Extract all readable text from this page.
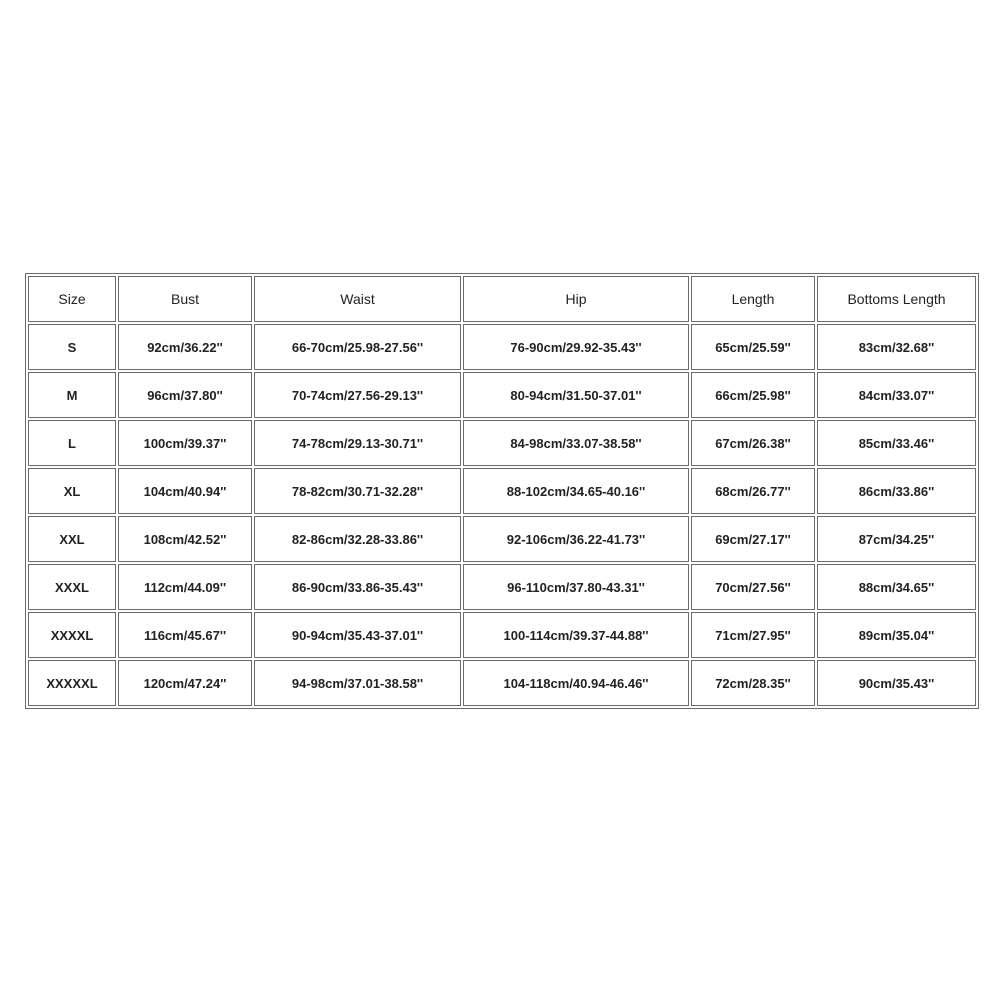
Size	Bust	Waist	Hip	Length	Bottoms Length
S	92cm/36.22''	66-70cm/25.98-27.56''	76-90cm/29.92-35.43''	65cm/25.59''	83cm/32.68''
M	96cm/37.80''	70-74cm/27.56-29.13''	80-94cm/31.50-37.01''	66cm/25.98''	84cm/33.07''
L	100cm/39.37''	74-78cm/29.13-30.71''	84-98cm/33.07-38.58''	67cm/26.38''	85cm/33.46''
XL	104cm/40.94''	78-82cm/30.71-32.28''	88-102cm/34.65-40.16''	68cm/26.77''	86cm/33.86''
XXL	108cm/42.52''	82-86cm/32.28-33.86''	92-106cm/36.22-41.73''	69cm/27.17''	87cm/34.25''
XXXL	112cm/44.09''	86-90cm/33.86-35.43''	96-110cm/37.80-43.31''	70cm/27.56''	88cm/34.65''
XXXXL	116cm/45.67''	90-94cm/35.43-37.01''	100-114cm/39.37-44.88''	71cm/27.95''	89cm/35.04''
XXXXXL	120cm/47.24''	94-98cm/37.01-38.58''	104-118cm/40.94-46.46''	72cm/28.35''	90cm/35.43''
